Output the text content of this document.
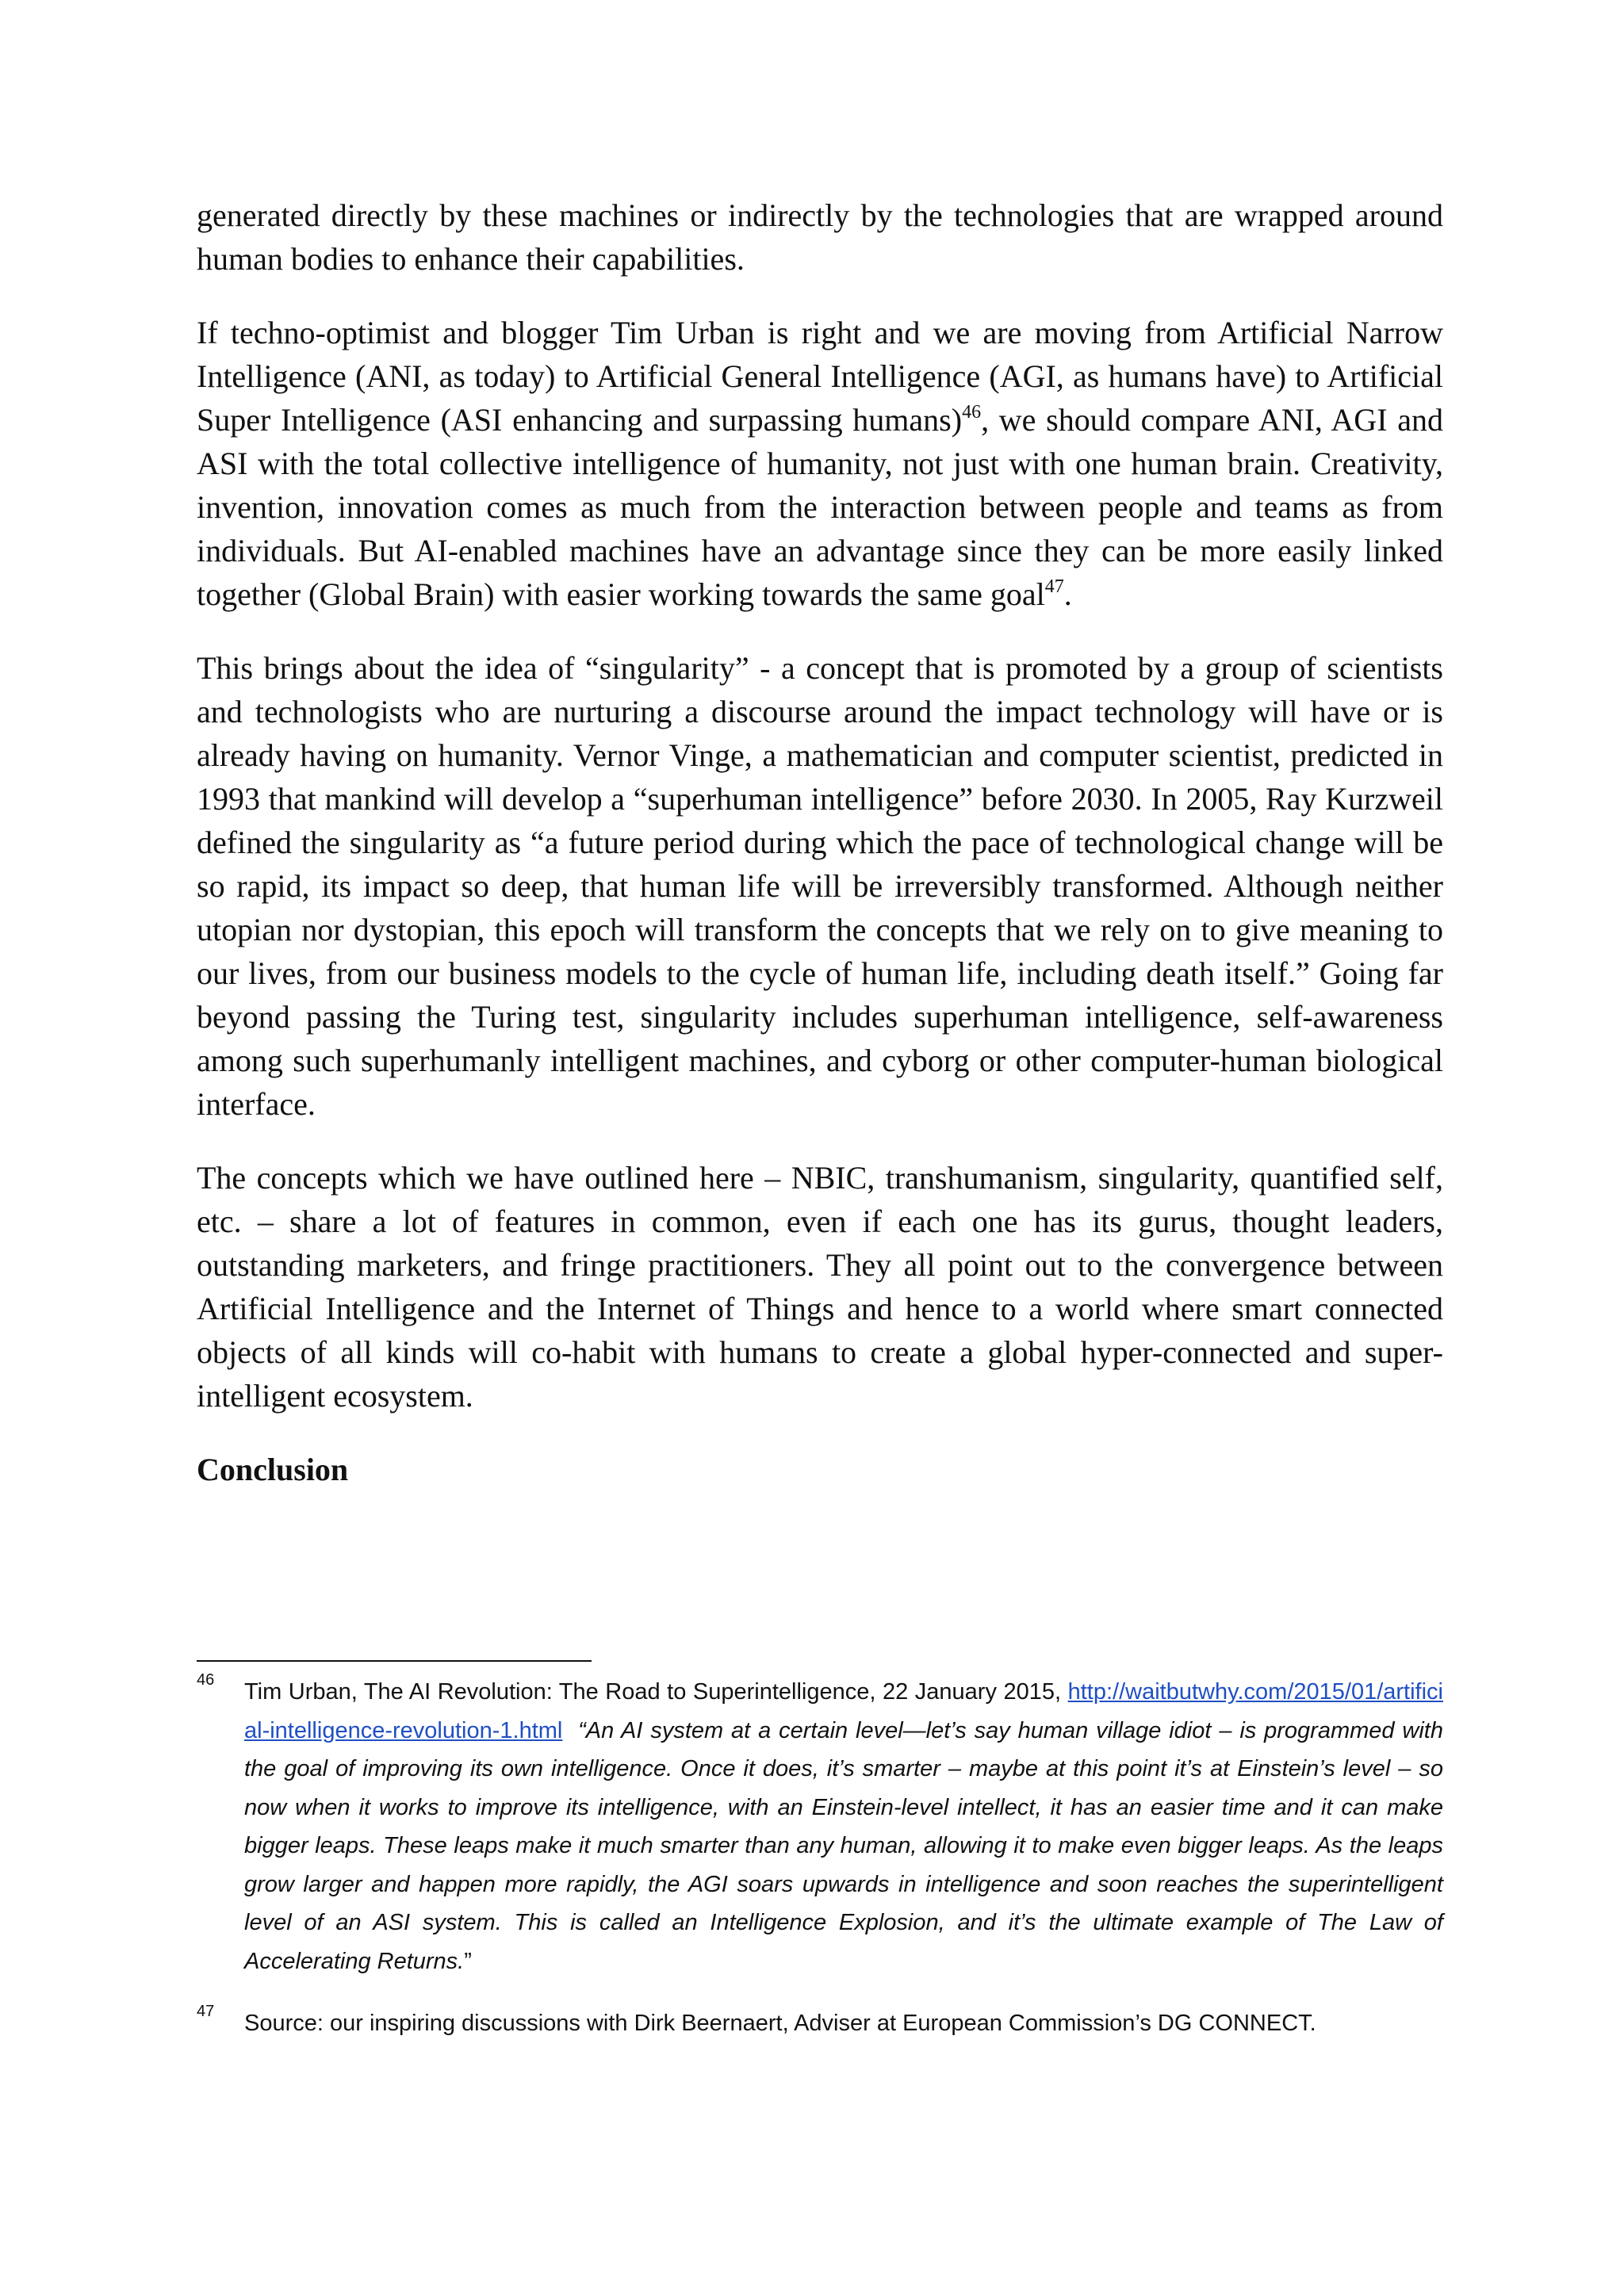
generated directly by these machines or indirectly by the technologies that are wrapped around human bodies to enhance their capabilities.

If techno-optimist and blogger Tim Urban is right and we are moving from Artificial Narrow Intelligence (ANI, as today) to Artificial General Intelligence (AGI, as humans have) to Artificial Super Intelligence (ASI enhancing and surpassing humans)$^{46}$, we should compare ANI, AGI and ASI with the total collective intelligence of humanity, not just with one human brain. Creativity, invention, innovation comes as much from the interaction between people and teams as from individuals. But AI-enabled machines have an advantage since they can be more easily linked together (Global Brain) with easier working towards the same goal$^{47}$.

This brings about the idea of “singularity” - a concept that is promoted by a group of scientists and technologists who are nurturing a discourse around the impact technology will have or is already having on humanity. Vernor Vinge, a mathematician and computer scientist, predicted in 1993 that mankind will develop a “superhuman intelligence” before 2030. In 2005, Ray Kurzweil defined the singularity as “a future period during which the pace of technological change will be so rapid, its impact so deep, that human life will be irreversibly transformed. Although neither utopian nor dystopian, this epoch will transform the concepts that we rely on to give meaning to our lives, from our business models to the cycle of human life, including death itself.” Going far beyond passing the Turing test, singularity includes superhuman intelligence, self-awareness among such superhumanly intelligent machines, and cyborg or other computer-human biological interface.

The concepts which we have outlined here – NBIC, transhumanism, singularity, quantified self, etc. – share a lot of features in common, even if each one has its gurus, thought leaders, outstanding marketers, and fringe practitioners. They all point out to the convergence between Artificial Intelligence and the Internet of Things and hence to a world where smart connected objects of all kinds will co-habit with humans to create a global hyper-connected and super-intelligent ecosystem.

Conclusion

46 Tim Urban, The AI Revolution: The Road to Superintelligence, 22 January 2015, http://waitbutwhy.com/2015/01/artificial-intelligence-revolution-1.html “An AI system at a certain level—let’s say human village idiot – is programmed with the goal of improving its own intelligence. Once it does, it’s smarter – maybe at this point it’s at Einstein’s level – so now when it works to improve its intelligence, with an Einstein-level intellect, it has an easier time and it can make bigger leaps. These leaps make it much smarter than any human, allowing it to make even bigger leaps. As the leaps grow larger and happen more rapidly, the AGI soars upwards in intelligence and soon reaches the superintelligent level of an ASI system. This is called an Intelligence Explosion, and it’s the ultimate example of The Law of Accelerating Returns.”
47 Source: our inspiring discussions with Dirk Beernaert, Adviser at European Commission’s DG CONNECT.
